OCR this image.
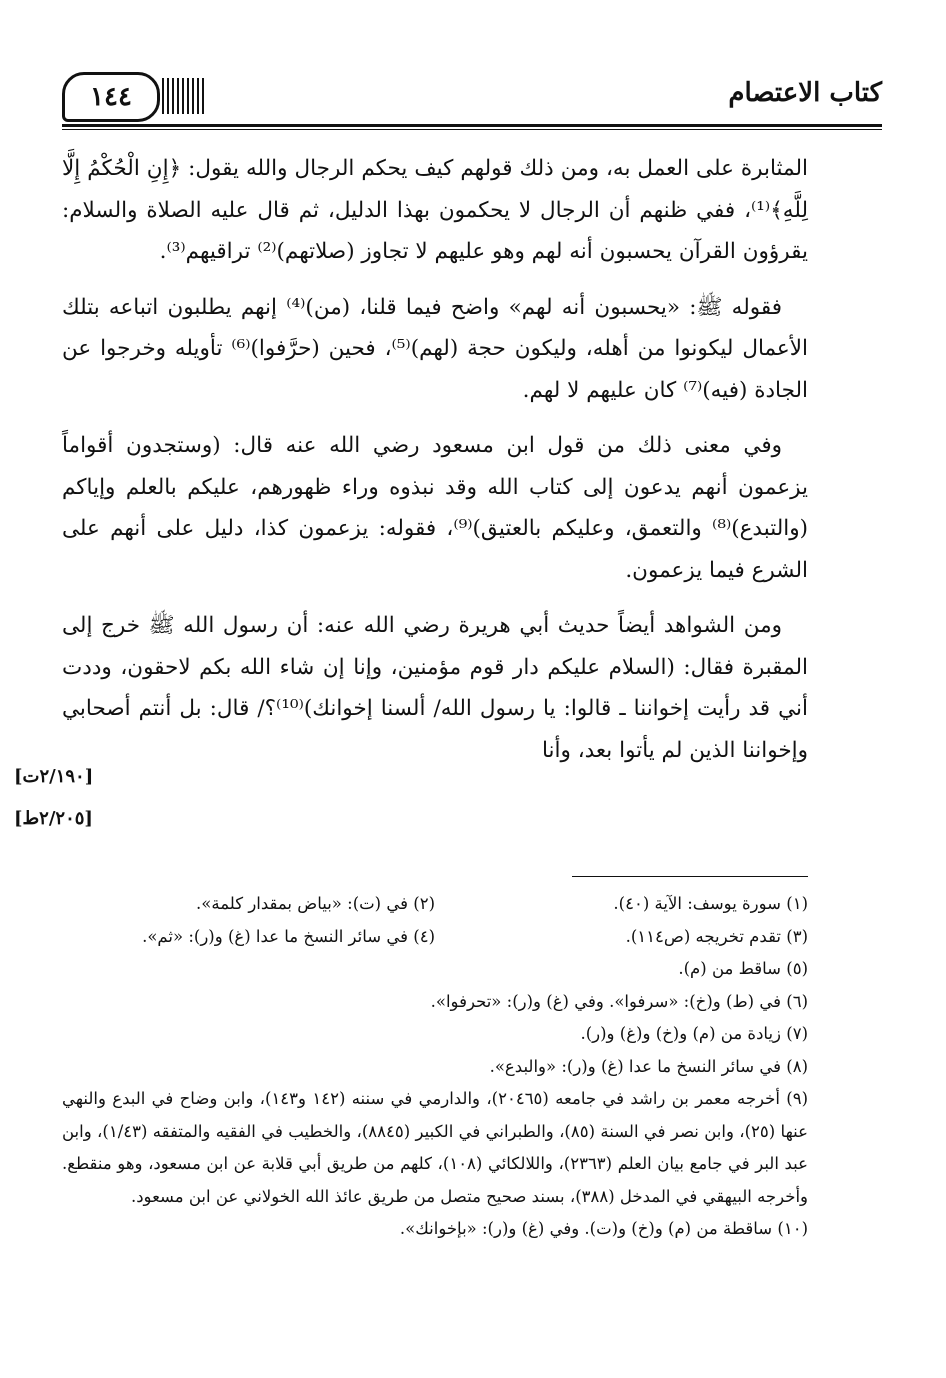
كتاب الاعتصام
١٤٤

المثابرة على العمل به، ومن ذلك قولهم كيف يحكم الرجال والله يقول: ﴿إِنِ الْحُكْمُ إِلَّا لِلَّهِ﴾⁽¹⁾، ففي ظنهم أن الرجال لا يحكمون بهذا الدليل، ثم قال عليه الصلاة والسلام: يقرؤون القرآن يحسبون أنه لهم وهو عليهم لا تجاوز (صلاتهم)⁽²⁾ تراقيهم⁽³⁾.

فقوله ﷺ: «يحسبون أنه لهم» واضح فيما قلنا، (من)⁽⁴⁾ إنهم يطلبون اتباعه بتلك الأعمال ليكونوا من أهله، وليكون حجة (لهم)⁽⁵⁾، فحين (حرَّفوا)⁽⁶⁾ تأويله وخرجوا عن الجادة (فيه)⁽⁷⁾ كان عليهم لا لهم.

وفي معنى ذلك من قول ابن مسعود رضي الله عنه قال: (وستجدون أقواماً يزعمون أنهم يدعون إلى كتاب الله وقد نبذوه وراء ظهورهم، عليكم بالعلم وإياكم (والتبدع)⁽⁸⁾ والتعمق، وعليكم بالعتيق)⁽⁹⁾، فقوله: يزعمون كذا، دليل على أنهم على الشرع فيما يزعمون.

ومن الشواهد أيضاً حديث أبي هريرة رضي الله عنه: أن رسول الله ﷺ خرج إلى المقبرة فقال: (السلام عليكم دار قوم مؤمنين، وإنا إن شاء الله بكم لاحقون، وددت أني قد رأيت إخواننا ـ قالوا: يا رسول الله/ ألسنا إخوانك)⁽¹⁰⁾؟/ قال: بل أنتم أصحابي وإخواننا الذين لم يأتوا بعد، وأنا

[٢/١٩٠ت]
[٢/٢٠٥ط]
(١) سورة يوسف: الآية (٤٠).
(٢) في (ت): «بياض بمقدار كلمة».
(٣) تقدم تخريجه (ص١١٤).
(٤) في سائر النسخ ما عدا (غ) و(ر): «ثم».
(٥) ساقط من (م).
(٦) في (ط) و(خ): «سرفوا». وفي (غ) و(ر): «تحرفوا».
(٧) زيادة من (م) و(خ) و(غ) و(ر).
(٨) في سائر النسخ ما عدا (غ) و(ر): «والبدع».
(٩) أخرجه معمر بن راشد في جامعه (٢٠٤٦٥)، والدارمي في سننه (١٤٢ و١٤٣)، وابن وضاح في البدع والنهي عنها (٢٥)، وابن نصر في السنة (٨٥)، والطبراني في الكبير (٨٨٤٥)، والخطيب في الفقيه والمتفقه (١/٤٣)، وابن عبد البر في جامع بيان العلم (٢٣٦٣)، واللالكائي (١٠٨)، كلهم من طريق أبي قلابة عن ابن مسعود، وهو منقطع. وأخرجه البيهقي في المدخل (٣٨٨)، بسند صحيح متصل من طريق عائذ الله الخولاني عن ابن مسعود.
(١٠) ساقطة من (م) و(خ) و(ت). وفي (غ) و(ر): «بإخوانك».
